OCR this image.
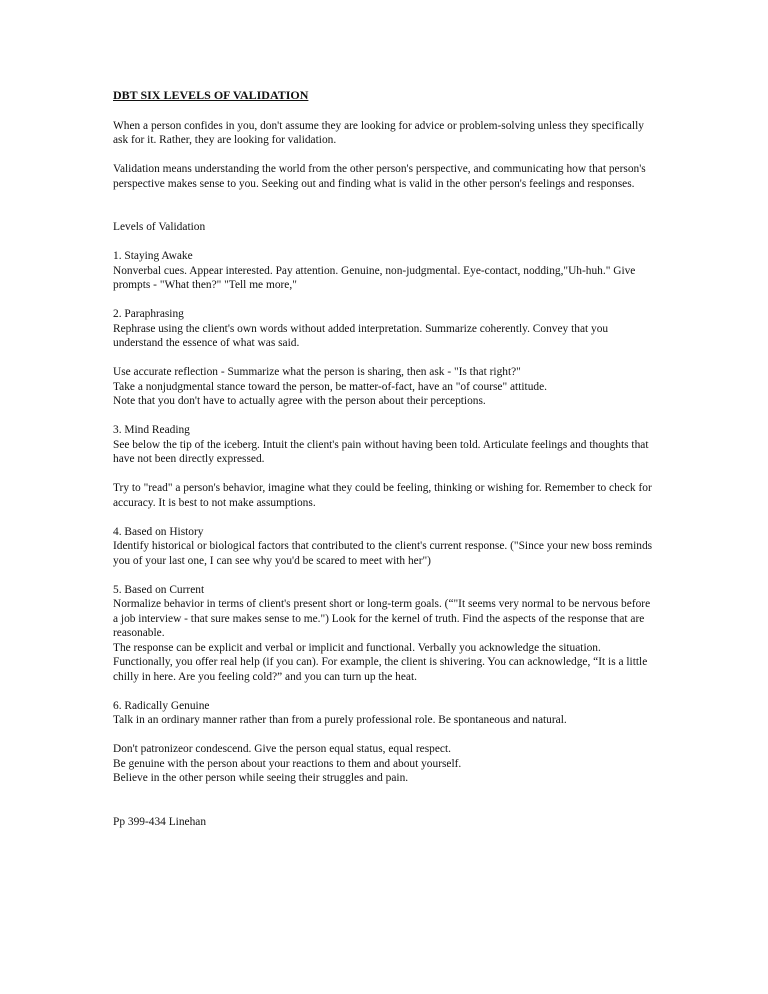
DBT SIX LEVELS OF VALIDATION

When a person confides in you, don't assume they are looking for advice or problem-solving unless they specifically ask for it. Rather, they are looking for validation.

Validation means understanding the world from the other person's perspective, and communicating how that person's perspective makes sense to you. Seeking out and finding what is valid in the other person's feelings and responses.

Levels of Validation

1. Staying Awake

Nonverbal cues. Appear interested. Pay attention. Genuine, non-judgmental. Eye-contact, nodding,"Uh-huh." Give prompts - "What then?" "Tell me more,"

2. Paraphrasing

Rephrase using the client's own words without added interpretation. Summarize coherently. Convey that you understand the essence of what was said.

Use accurate reflection - Summarize what the person is sharing, then ask - "Is that right?"

Take a nonjudgmental stance toward the person, be matter-of-fact, have an "of course" attitude.

Note that you don't have to actually agree with the person about their perceptions.

3. Mind Reading

See below the tip of the iceberg. Intuit the client's pain without having been told. Articulate feelings and thoughts that have not been directly expressed.

Try to "read" a person's behavior, imagine what they could be feeling, thinking or wishing for. Remember to check for accuracy. It is best to not make assumptions.

4. Based on History

Identify historical or biological factors that contributed to the client's current response. ("Since your new boss reminds you of your last one, I can see why you'd be scared to meet with her")

5. Based on Current

Normalize behavior in terms of client's present short or long-term goals. (“"It seems very normal to be nervous before a job interview - that sure makes sense to me.") Look for the kernel of truth. Find the aspects of the response that are reasonable.

The response can be explicit and verbal or implicit and functional. Verbally you acknowledge the situation. Functionally, you offer real help (if you can). For example, the client is shivering. You can acknowledge, “It is a little chilly in here. Are you feeling cold?” and you can turn up the heat.

6. Radically Genuine

Talk in an ordinary manner rather than from a purely professional role. Be spontaneous and natural.

Don't patronizeor condescend. Give the person equal status, equal respect.

Be genuine with the person about your reactions to them and about yourself.

Believe in the other person while seeing their struggles and pain.

Pp 399-434 Linehan
